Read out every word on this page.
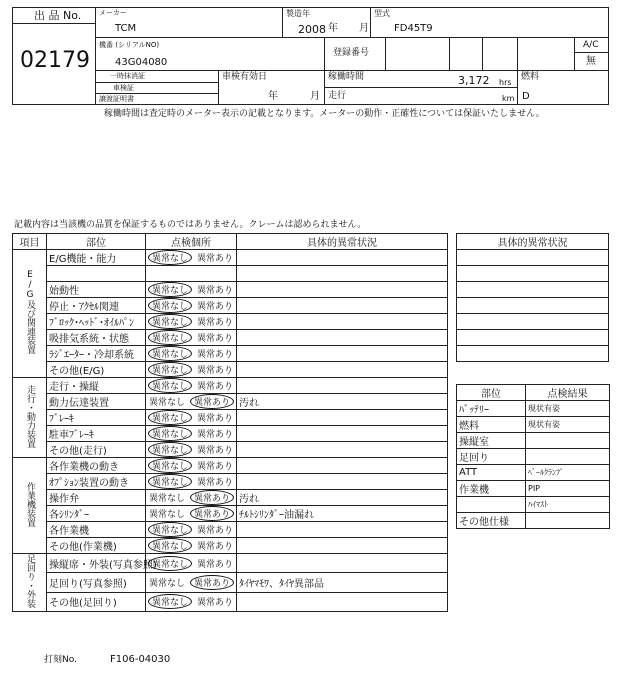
出 品 No.
02179
メーカー
TCM
製造年
2008 年 月
型式
FD45T9
機番 (シリアルNO)
43G04080
登録番号
A/C
無
一時抹消証
車検証
譲渡証明書
車検有効日
年	月
稼働時間	3,172 hrs
走行	km
燃料
D
稼働時間は査定時のメーター表示の記載となります。メーターの動作・正確性については保証いたしません。
記載内容は当該機の品質を保証するものではありません。クレームは認められません。
項目	部位	点検個所	具体的異常状況
E/G及び関連装置	E/G機能・能力	異常なし 異常あり	

	始動性	異常なし 異常あり	
	停止・ｱｸｾﾙ関連	異常なし 異常あり	
	ﾌﾞﾛｯｸ･ﾍｯﾄﾞ･ｵｲﾙﾊﾟﾝ	異常なし 異常あり	
	吸排気系統・状態	異常なし 異常あり	
	ﾗｼﾞｴｰﾀｰ・冷却系統	異常なし 異常あり	
	その他(E/G)	異常なし 異常あり	
走行・動力装置	走行・操縦	異常なし 異常あり	
	動力伝達装置	異常なし 異常あり	汚れ
	ﾌﾞﾚｰｷ	異常なし 異常あり	
	駐車ﾌﾞﾚｰｷ	異常なし 異常あり	
	その他(走行)	異常なし 異常あり	
作業機装置	各作業機の動き	異常なし 異常あり	
	ｵﾌﾟｼｮﾝ装置の動き	異常なし 異常あり	
	操作弁	異常なし 異常あり	汚れ
	各ｼﾘﾝﾀﾞｰ	異常なし 異常あり	ﾁﾙﾄｼﾘﾝﾀﾞｰ油漏れ
	各作業機	異常なし 異常あり	
	その他(作業機)	異常なし 異常あり	
足回り・外装	操縦席・外装(写真参照)	異常なし 異常あり	
	足回り(写真参照)	異常なし 異常あり	ﾀｲﾔﾏﾓﾜ、ﾀｲﾔ異部品
	その他(足回り)	異常なし 異常あり	
具体的異常状況

部位	点検結果
ﾊﾞｯﾃﾘｰ	現状有姿
燃料	現状有姿
操縦室	
足回り	
ATT	ﾍﾞｰﾙｸﾗﾝﾌﾟ
作業機	PIP
	ﾊｲﾏｽﾄ
その他仕様	
打刻No.	F106-04030
